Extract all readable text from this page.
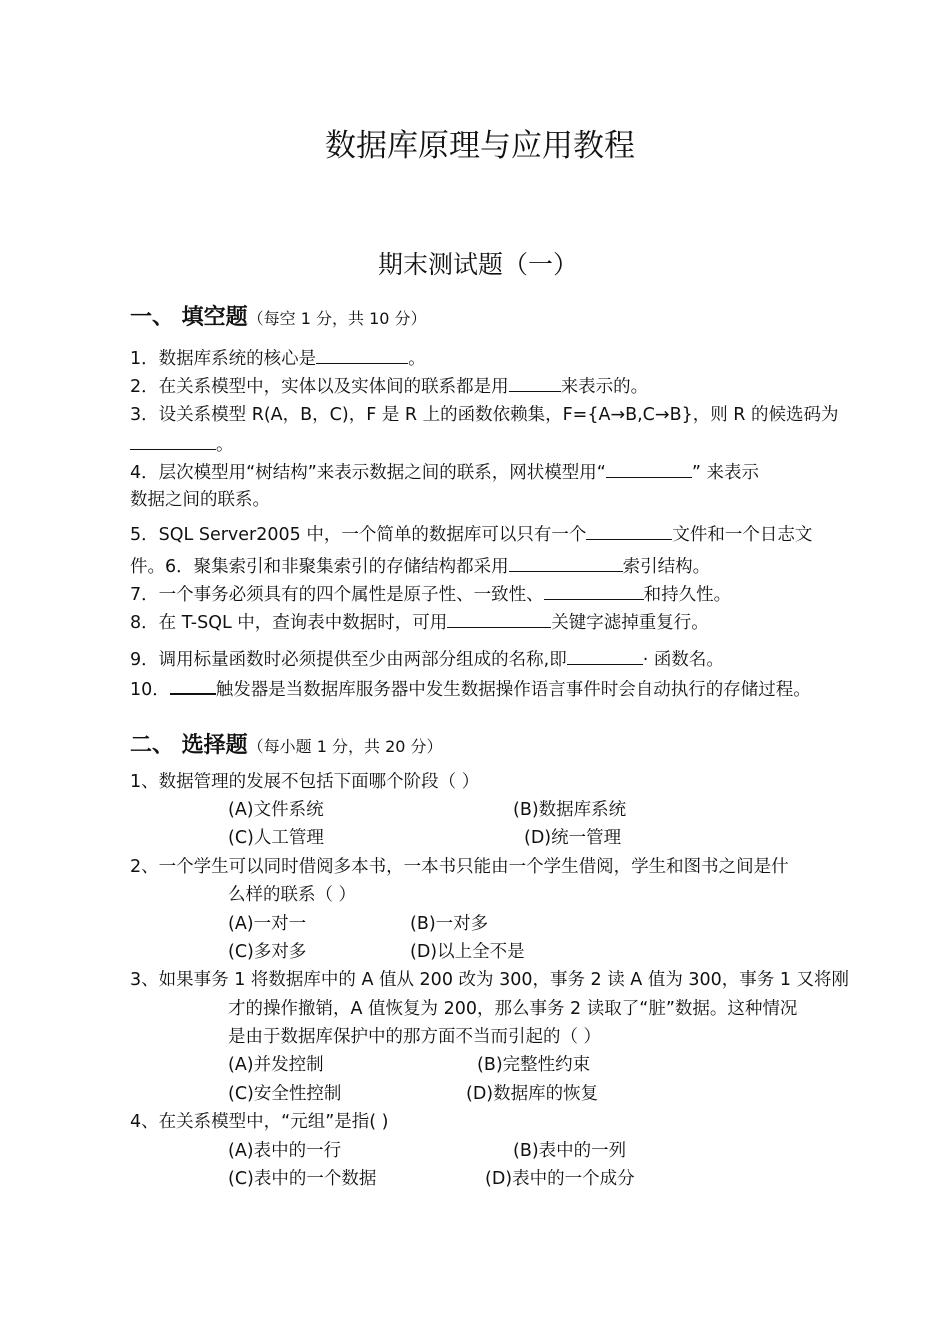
数据库原理与应用教程
期末测试题（一）
一、 填空题（每空 1 分，共 10 分）
1．数据库系统的核心是	。
2．在关系模型中，实体以及实体间的联系都是用	来表示的。
3．设关系模型 R(A，B，C)，F 是 R 上的函数依赖集，F={A→B,C→B}，则 R 的候选码为
。
4．层次模型用“树结构”来表示数据之间的联系，网状模型用“	” 来表示
数据之间的联系。
5．SQL Server2005 中，一个简单的数据库可以只有一个	文件和一个日志文
件。6．聚集索引和非聚集索引的存储结构都采用	索引结构。
7．一个事务必须具有的四个属性是原子性、一致性、	和持久性。
8．在 T-SQL 中，查询表中数据时，可用	关键字滤掉重复行。
9．调用标量函数时必须提供至少由两部分组成的名称,即	· 函数名。
10．	触发器是当数据库服务器中发生数据操作语言事件时会自动执行的存储过程。
二、 选择题（每小题 1 分，共 20 分）
1、数据管理的发展不包括下面哪个阶段（ ）
(A)文件系统	(B)数据库系统
(C)人工管理	(D)统一管理
2、一个学生可以同时借阅多本书，一本书只能由一个学生借阅，学生和图书之间是什
么样的联系（ ）
(A)一对一	(B)一对多
(C)多对多	(D)以上全不是
3、如果事务 1 将数据库中的 A 值从 200 改为 300，事务 2 读 A 值为 300，事务 1 又将刚
才的操作撤销，A 值恢复为 200，那么事务 2 读取了“脏”数据。这种情况
是由于数据库保护中的那方面不当而引起的（ ）
(A)并发控制	(B)完整性约束
(C)安全性控制	(D)数据库的恢复
4、在关系模型中，“元组”是指( )
(A)表中的一行	(B)表中的一列
(C)表中的一个数据	(D)表中的一个成分
